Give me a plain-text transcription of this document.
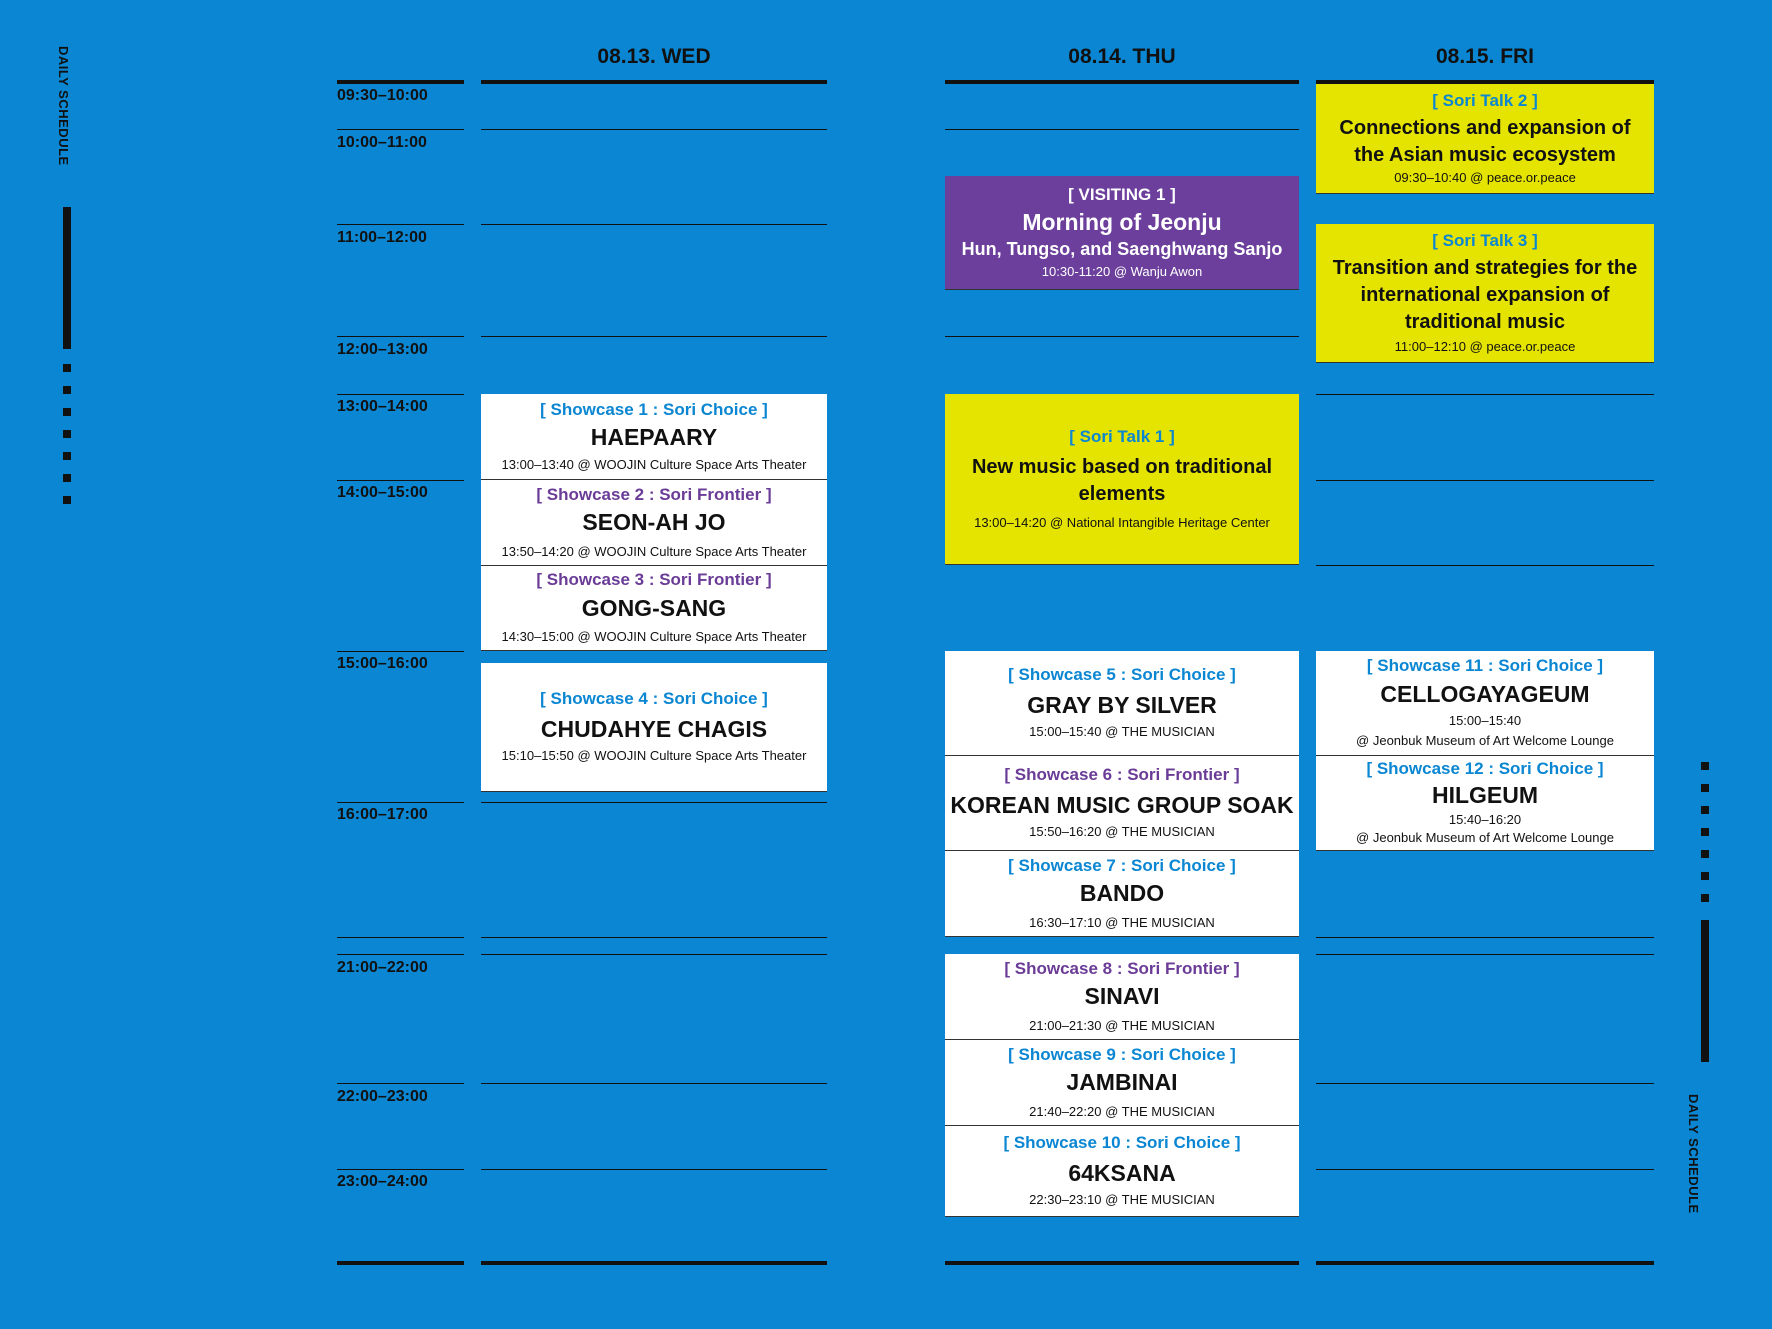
DAILY SCHEDULE
DAILY SCHEDULE
08.13. WED	08.14. THU	08.15. FRI
09:30–10:00
10:00–11:00
11:00–12:00
12:00–13:00
13:00–14:00
14:00–15:00
15:00–16:00
16:00–17:00
21:00–22:00
22:00–23:00
23:00–24:00
[ Showcase 1 : Sori Choice ]
HAEPAARY
13:00–13:40 @ WOOJIN Culture Space Arts Theater
[ Showcase 2 : Sori Frontier ]
SEON-AH JO
13:50–14:20 @ WOOJIN Culture Space Arts Theater
[ Showcase 3 : Sori Frontier ]
GONG-SANG
14:30–15:00 @ WOOJIN Culture Space Arts Theater
[ Showcase 4 : Sori Choice ]
CHUDAHYE CHAGIS
15:10–15:50 @ WOOJIN Culture Space Arts Theater
[ VISITING 1 ]
Morning of Jeonju
Hun, Tungso, and Saenghwang Sanjo
10:30-11:20 @ Wanju Awon
[ Sori Talk 1 ]
New music based on traditional elements
13:00–14:20 @ National Intangible Heritage Center
[ Showcase 5 : Sori Choice ]
GRAY BY SILVER
15:00–15:40 @ THE MUSICIAN
[ Showcase 6 : Sori Frontier ]
KOREAN MUSIC GROUP SOAK
15:50–16:20 @ THE MUSICIAN
[ Showcase 7 : Sori Choice ]
BANDO
16:30–17:10 @ THE MUSICIAN
[ Showcase 8 : Sori Frontier ]
SINAVI
21:00–21:30 @ THE MUSICIAN
[ Showcase 9 : Sori Choice ]
JAMBINAI
21:40–22:20 @ THE MUSICIAN
[ Showcase 10 : Sori Choice ]
64KSANA
22:30–23:10 @ THE MUSICIAN
[ Sori Talk 2 ]
Connections and expansion of the Asian music ecosystem
09:30–10:40 @ peace.or.peace
[ Sori Talk 3 ]
Transition and strategies for the international expansion of traditional music
11:00–12:10 @ peace.or.peace
[ Showcase 11 : Sori Choice ]
CELLOGAYAGEUM
15:00–15:40
@ Jeonbuk Museum of Art Welcome Lounge
[ Showcase 12 : Sori Choice ]
HILGEUM
15:40–16:20
@ Jeonbuk Museum of Art Welcome Lounge
